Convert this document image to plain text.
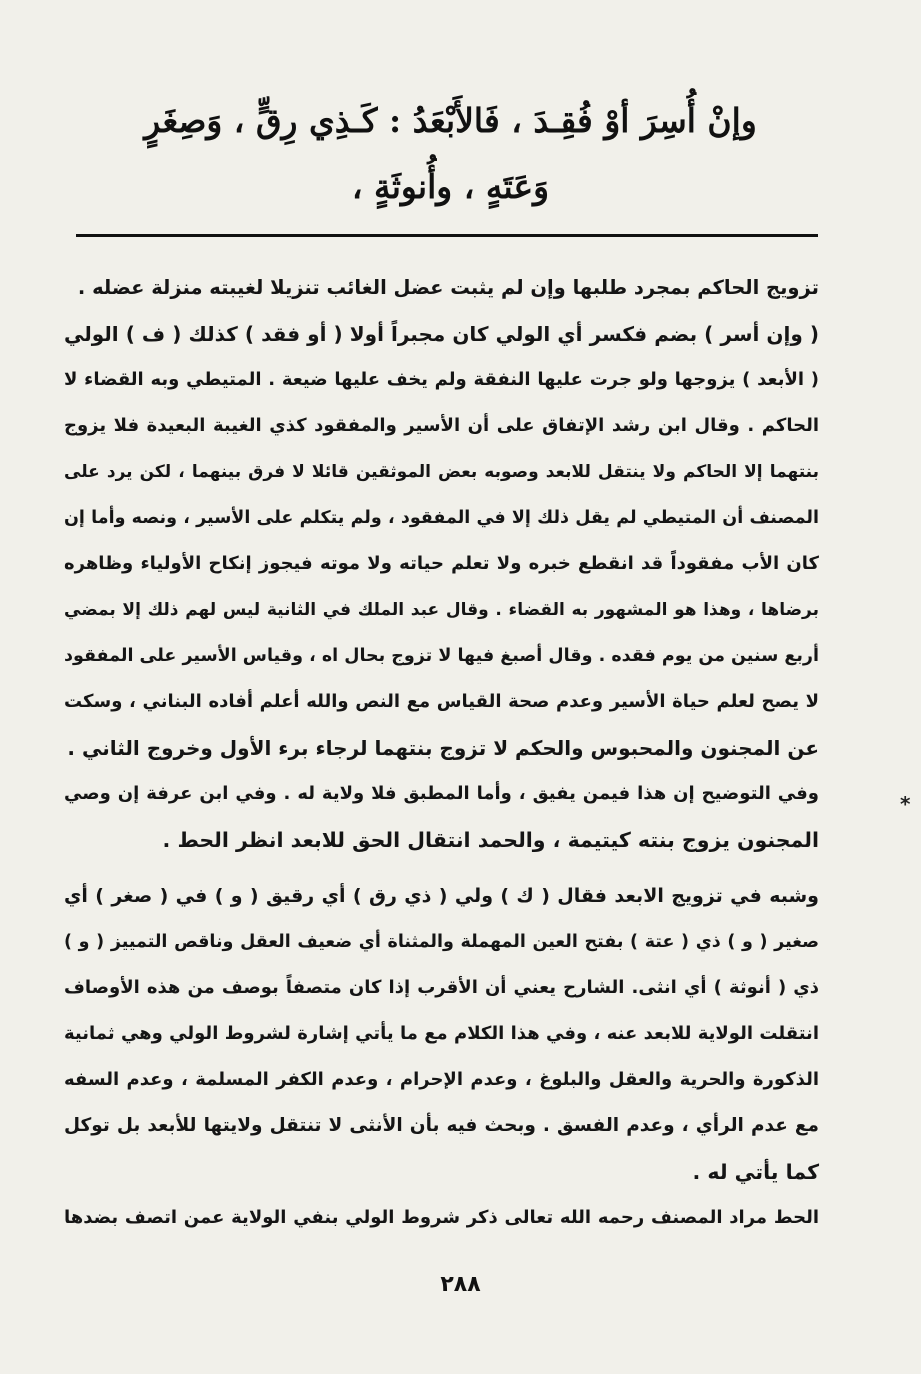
وإنْ أُسِرَ أوْ فُقِـدَ ، فَالأَبْعَدُ : كَـذِي رِقٍّ ، وَصِغَرٍ
وَعَتَهٍ ، وأُنوثَةٍ ،
تزويج الحاكم بمجرد طلبها وإن لم يثبت عضل الغائب تنزيلا لغيبته منزلة عضله .
( وإن أسر ) بضم فكسر أي الولي كان مجبراً أولا ( أو فقد ) كذلك ( ف ) الولي
( الأبعد ) يزوجها ولو جرت عليها النفقة ولم يخف عليها ضيعة . المتيطي وبه القضاء لا
الحاكم . وقال ابن رشد الإتفاق على أن الأسير والمفقود كذي الغيبة البعيدة فلا يزوج
بنتهما إلا الحاكم ولا ينتقل للابعد وصوبه بعض الموثقين قائلا لا فرق بينهما ، لكن يرد على
المصنف أن المتيطي لم يقل ذلك إلا في المفقود ، ولم يتكلم على الأسير ، ونصه وأما إن
كان الأب مفقوداً قد انقطع خبره ولا تعلم حياته ولا موته فيجوز إنكاح الأولياء وظاهره
برضاها ، وهذا هو المشهور به القضاء . وقال عبد الملك في الثانية ليس لهم ذلك إلا بمضي
أربع سنين من يوم فقده . وقال أصبغ فيها لا تزوج بحال اه ، وقياس الأسير على المفقود
لا يصح لعلم حياة الأسير وعدم صحة القياس مع النص والله أعلم أفاده البناني ، وسكت
عن المجنون والمحبوس والحكم لا تزوج بنتهما لرجاء برء الأول وخروج الثاني .
وفي التوضيح إن هذا فيمن يفيق ، وأما المطبق فلا ولاية له . وفي ابن عرفة إن وصي
المجنون يزوج بنته كيتيمة ، والحمد انتقال الحق للابعد انظر الحط .
وشبه في تزويج الابعد فقال ( ك ) ولي ( ذي رق ) أي رقيق ( و ) في ( صغر ) أي
صغير ( و ) ذي ( عتة ) بفتح العين المهملة والمثناة أي ضعيف العقل وناقص التمييز ( و )
ذي ( أنوثة ) أي انثى. الشارح يعني أن الأقرب إذا كان متصفاً بوصف من هذه الأوصاف
انتقلت الولاية للابعد عنه ، وفي هذا الكلام مع ما يأتي إشارة لشروط الولي وهي ثمانية
الذكورة والحرية والعقل والبلوغ ، وعدم الإحرام ، وعدم الكفر المسلمة ، وعدم السفه
مع عدم الرأي ، وعدم الفسق . وبحث فيه بأن الأنثى لا تنتقل ولايتها للأبعد بل توكل
كما يأتي له .
الحط مراد المصنف رحمه الله تعالى ذكر شروط الولي بنفي الولاية عمن اتصف بضدها
*
٢٨٨
